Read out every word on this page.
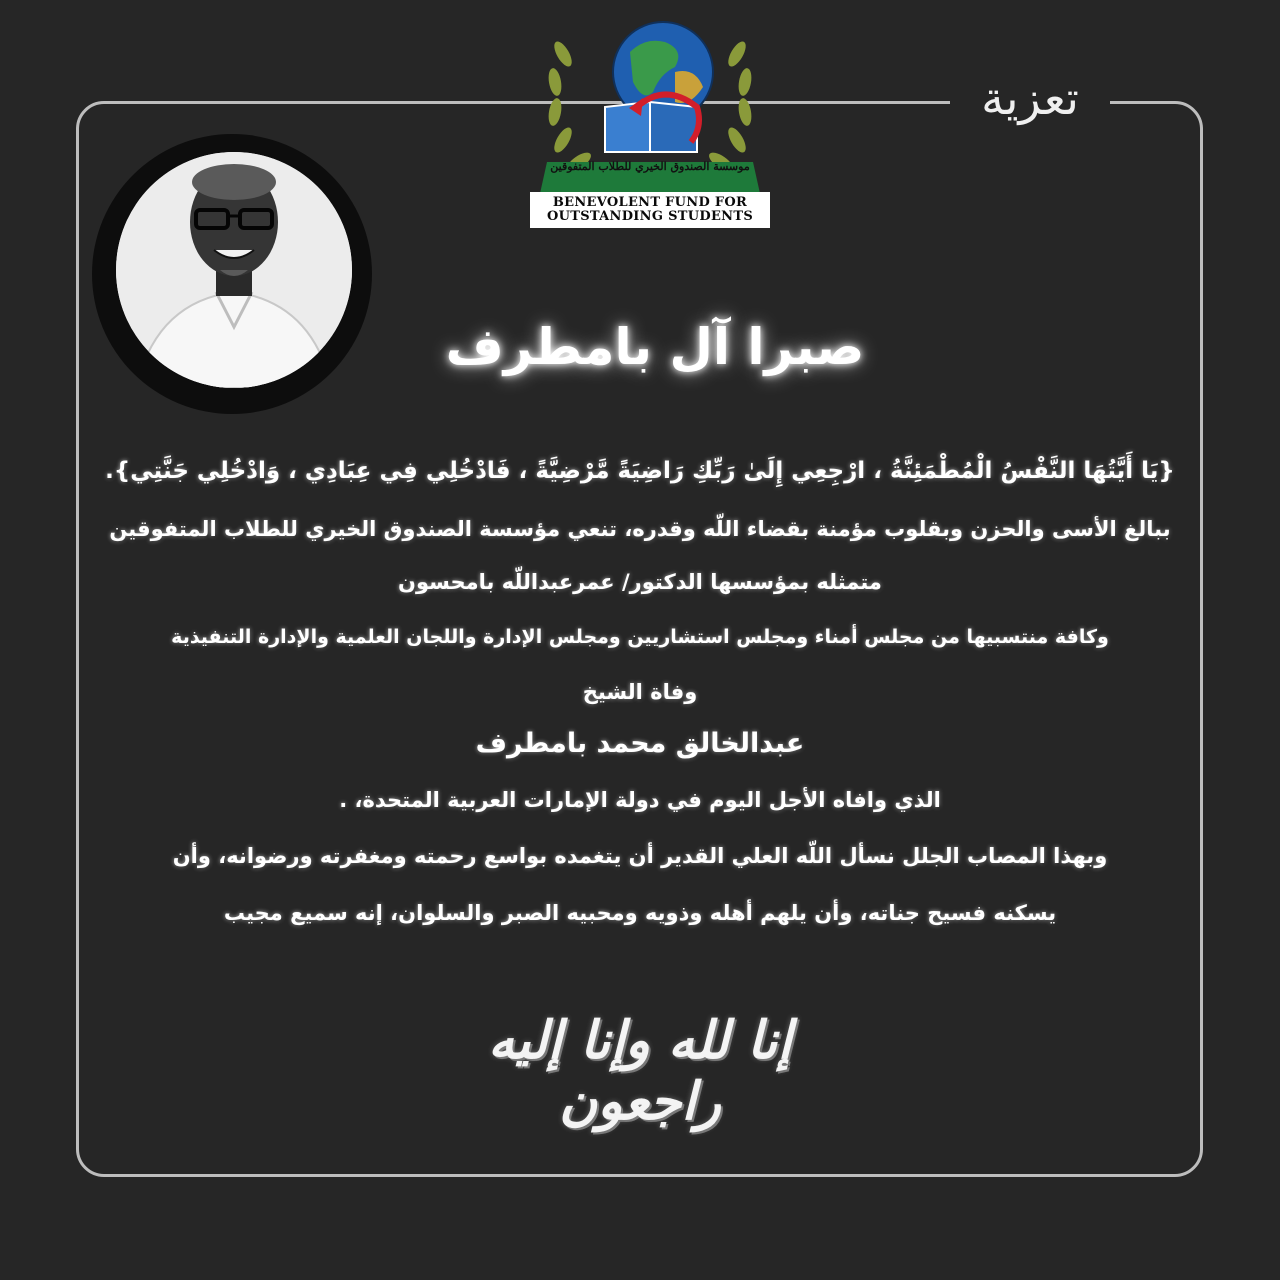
تعزية
موسسة الصندوق الخيري للطلاب المتفوقين
BENEVOLENT FUND FOR
OUTSTANDING STUDENTS
صبرا آل بامطرف
{يَا أَيَّتُهَا النَّفْسُ الْمُطْمَئِنَّةُ ، ارْجِعِي إِلَىٰ رَبِّكِ رَاضِيَةً مَّرْضِيَّةً ، فَادْخُلِي فِي عِبَادِي ، وَادْخُلِي جَنَّتِي}.
ببالغ الأسى والحزن وبقلوب مؤمنة بقضاء اللّه وقدره، تنعي مؤسسة الصندوق الخيري للطلاب المتفوقين
متمثله بمؤسسها الدكتور/ عمرعبداللّه بامحسون
وكافة منتسبيها من مجلس أمناء ومجلس استشاريين ومجلس الإدارة واللجان العلمية والإدارة التنفيذية
وفاة الشيخ
عبدالخالق محمد بامطرف
الذي وافاه الأجل اليوم في دولة الإمارات العربية المتحدة، .
وبهذا المصاب الجلل نسأل اللّه العلي القدير أن يتغمده بواسع رحمته ومغفرته ورضوانه، وأن
يسكنه فسيح جناته، وأن يلهم أهله وذويه ومحبيه الصبر والسلوان، إنه سميع مجيب
إنا لله وإنا إليه راجعون
